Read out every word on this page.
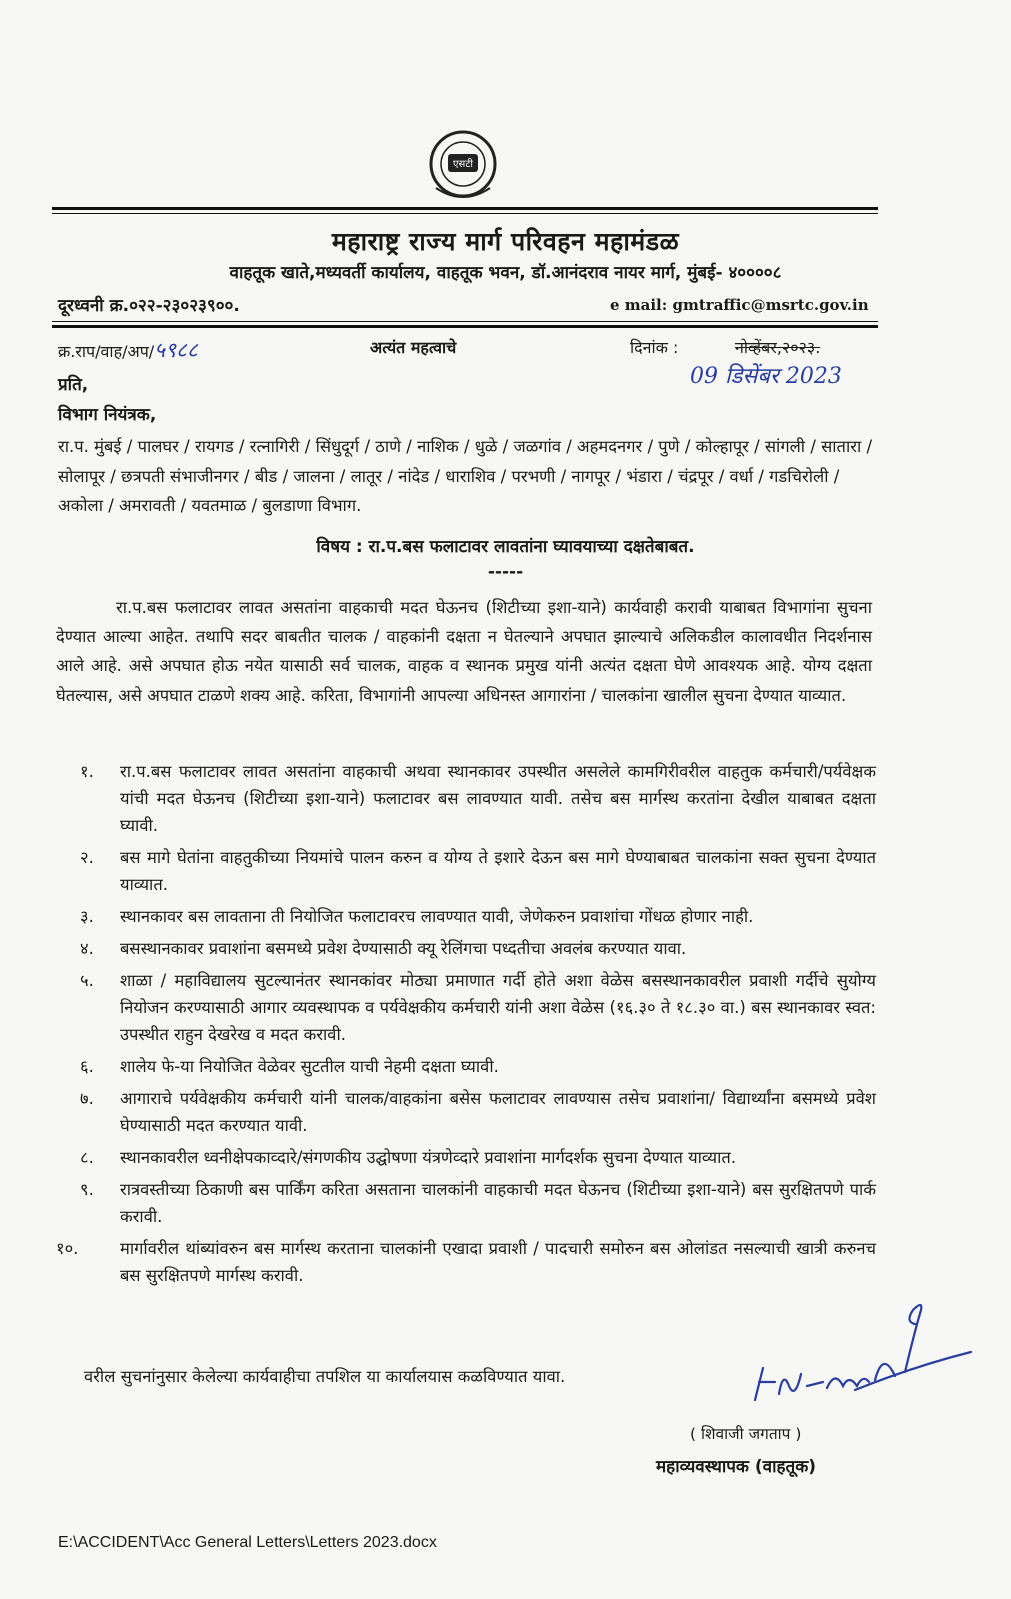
एसटी
महाराष्ट्र राज्य मार्ग परिवहन महामंडळ
वाहतूक खाते,मध्यवर्ती कार्यालय, वाहतूक भवन, डॉ.आनंदराव नायर मार्ग, मुंबई- ४००००८
दूरध्वनी क्र.०२२-२३०२३९००.	e mail: gmtraffic@msrtc.gov.in
क्र.राप/वाह/अप/५९८८	अत्यंत महत्वाचे	दिनांक :	नोव्हेंबर,२०२३.
09 डिसेंबर 2023
प्रति,
विभाग नियंत्रक,
रा.प. मुंबई / पालघर / रायगड / रत्नागिरी / सिंधुदूर्ग / ठाणे / नाशिक / धुळे / जळगांव / अहमदनगर / पुणे / कोल्हापूर / सांगली / सातारा / सोलापूर / छत्रपती संभाजीनगर / बीड / जालना / लातूर / नांदेड / धाराशिव / परभणी / नागपूर / भंडारा / चंद्रपूर / वर्धा / गडचिरोली / अकोला / अमरावती / यवतमाळ / बुलडाणा विभाग.
विषय : रा.प.बस फलाटावर लावतांना घ्यावयाच्या दक्षतेबाबत.
-----
रा.प.बस फलाटावर लावत असतांना वाहकाची मदत घेऊनच (शिटीच्या इशा-याने) कार्यवाही करावी याबाबत विभागांना सुचना देण्यात आल्या आहेत. तथापि सदर बाबतीत चालक / वाहकांनी दक्षता न घेतल्याने अपघात झाल्याचे अलिकडील कालावधीत निदर्शनास आले आहे. असे अपघात होऊ नयेत यासाठी सर्व चालक, वाहक व स्थानक प्रमुख यांनी अत्यंत दक्षता घेणे आवश्यक आहे. योग्य दक्षता घेतल्यास, असे अपघात टाळणे शक्य आहे. करिता, विभागांनी आपल्या अधिनस्त आगारांना / चालकांना खालील सुचना देण्यात याव्यात.
१.	रा.प.बस फलाटावर लावत असतांना वाहकाची अथवा स्थानकावर उपस्थीत असलेले कामगिरीवरील वाहतुक कर्मचारी/पर्यवेक्षक यांची मदत घेऊनच (शिटीच्या इशा-याने) फलाटावर बस लावण्यात यावी. तसेच बस मार्गस्थ करतांना देखील याबाबत दक्षता घ्यावी.
२.	बस मागे घेतांना वाहतुकीच्या नियमांचे पालन करुन व योग्य ते इशारे देऊन बस मागे घेण्याबाबत चालकांना सक्त सुचना देण्यात याव्यात.
३.	स्थानकावर बस लावताना ती नियोजित फलाटावरच लावण्यात यावी, जेणेकरुन प्रवाशांचा गोंधळ होणार नाही.
४.	बसस्थानकावर प्रवाशांना बसमध्ये प्रवेश देण्यासाठी क्यू रेलिंगचा पध्दतीचा अवलंब करण्यात यावा.
५.	शाळा / महाविद्यालय सुटल्यानंतर स्थानकांवर मोठ्या प्रमाणात गर्दी होते अशा वेळेस बसस्थानकावरील प्रवाशी गर्दीचे सुयोग्य नियोजन करण्यासाठी आगार व्यवस्थापक व पर्यवेक्षकीय कर्मचारी यांनी अशा वेळेस (१६.३० ते १८.३० वा.) बस स्थानकावर स्वत: उपस्थीत राहुन देखरेख व मदत करावी.
६.	शालेय फे-या नियोजित वेळेवर सुटतील याची नेहमी दक्षता घ्यावी.
७.	आगाराचे पर्यवेक्षकीय कर्मचारी यांनी चालक/वाहकांना बसेस फलाटावर लावण्यास तसेच प्रवाशांना/ विद्यार्थ्यांना बसमध्ये प्रवेश घेण्यासाठी मदत करण्यात यावी.
८.	स्थानकावरील ध्वनीक्षेपकाव्दारे/संगणकीय उद्घोषणा यंत्रणेव्दारे प्रवाशांना मार्गदर्शक सुचना देण्यात याव्यात.
९.	रात्रवस्तीच्या ठिकाणी बस पार्किंग करिता असताना चालकांनी वाहकाची मदत घेऊनच (शिटीच्या इशा-याने) बस सुरक्षितपणे पार्क करावी.
१०.	मार्गावरील थांब्यांवरुन बस मार्गस्थ करताना चालकांनी एखादा प्रवाशी / पादचारी समोरुन बस ओलांडत नसल्याची खात्री करुनच बस सुरक्षितपणे मार्गस्थ करावी.
वरील सुचनांनुसार केलेल्या कार्यवाहीचा तपशिल या कार्यालयास कळविण्यात यावा.
( शिवाजी जगताप )
महाव्यवस्थापक (वाहतूक)
E:\ACCIDENT\Acc General Letters\Letters 2023.docx
